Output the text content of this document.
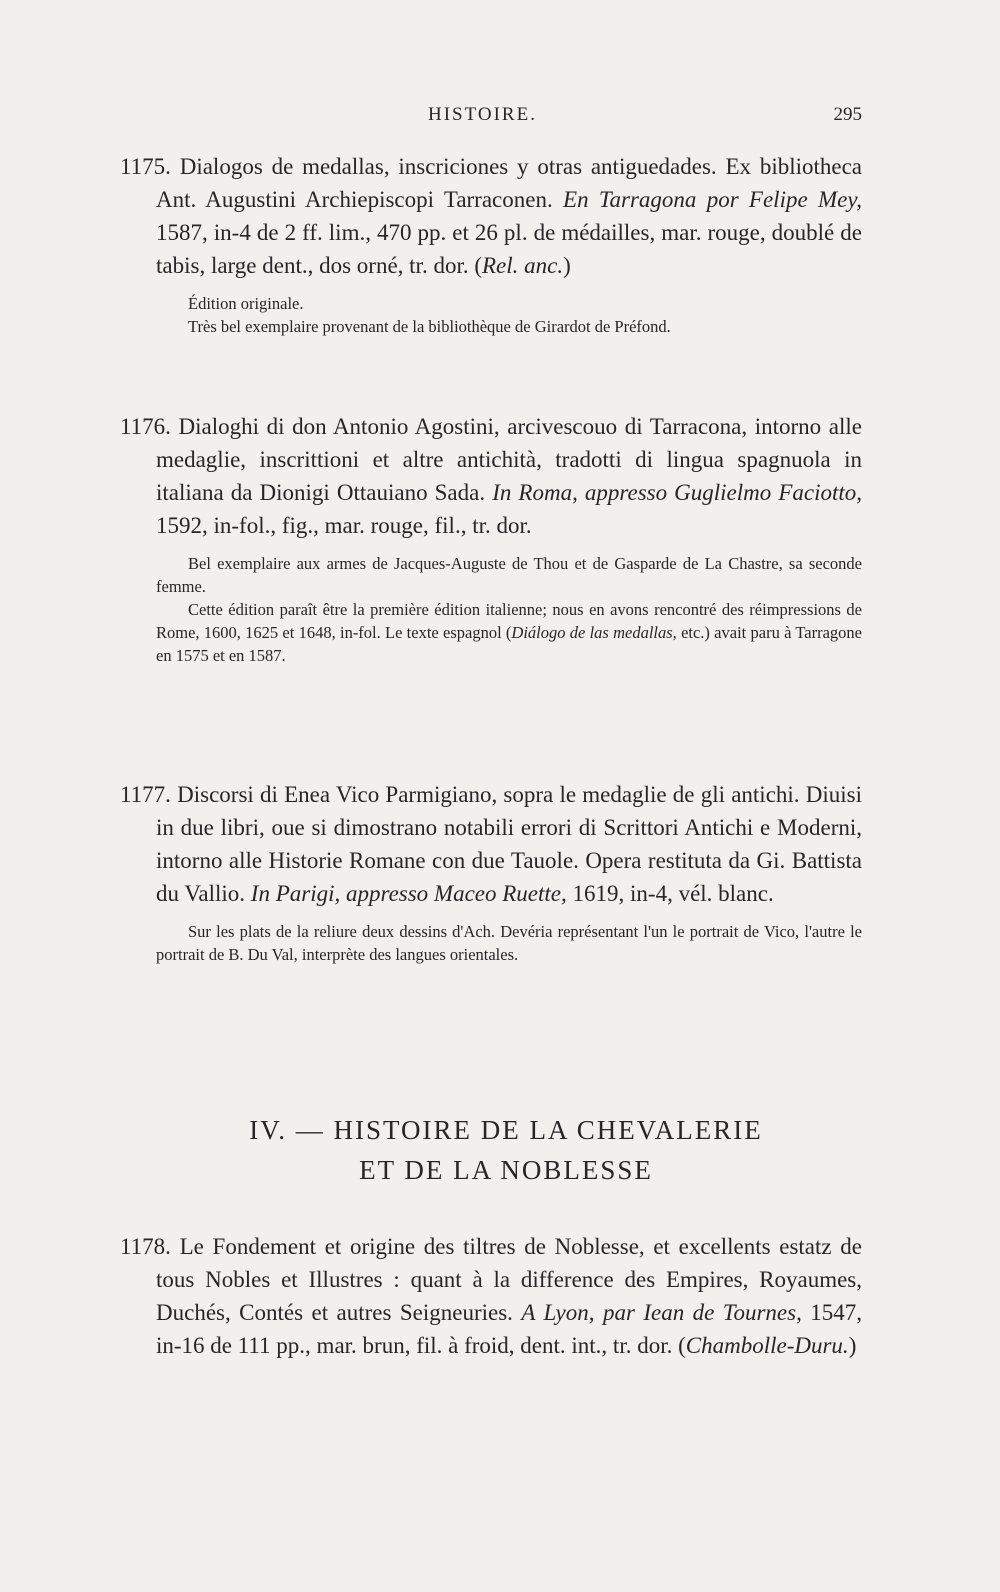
HISTOIRE.	295

1175. Dialogos de medallas, inscriciones y otras antiguedades. Ex bibliotheca Ant. Augustini Archiepiscopi Tarraconen. En Tarragona por Felipe Mey, 1587, in-4 de 2 ff. lim., 470 pp. et 26 pl. de médailles, mar. rouge, doublé de tabis, large dent., dos orné, tr. dor. (Rel. anc.)

Édition originale.

Très bel exemplaire provenant de la bibliothèque de Girardot de Préfond.

1176. Dialoghi di don Antonio Agostini, arcivescouo di Tarracona, intorno alle medaglie, inscrittioni et altre antichità, tradotti di lingua spagnuola in italiana da Dionigi Ottauiano Sada. In Roma, appresso Guglielmo Faciotto, 1592, in-fol., fig., mar. rouge, fil., tr. dor.

Bel exemplaire aux armes de Jacques-Auguste de Thou et de Gasparde de La Chastre, sa seconde femme.

Cette édition paraît être la première édition italienne; nous en avons rencontré des réimpressions de Rome, 1600, 1625 et 1648, in-fol. Le texte espagnol (Diálogo de las medallas, etc.) avait paru à Tarragone en 1575 et en 1587.

1177. Discorsi di Enea Vico Parmigiano, sopra le medaglie de gli antichi. Diuisi in due libri, oue si dimostrano notabili errori di Scrittori Antichi e Moderni, intorno alle Historie Romane con due Tauole. Opera restituta da Gi. Battista du Vallio. In Parigi, appresso Maceo Ruette, 1619, in-4, vél. blanc.

Sur les plats de la reliure deux dessins d'Ach. Devéria représentant l'un le portrait de Vico, l'autre le portrait de B. Du Val, interprète des langues orientales.

IV. — HISTOIRE DE LA CHEVALERIE
ET DE LA NOBLESSE

1178. Le Fondement et origine des tiltres de Noblesse, et excellents estatz de tous Nobles et Illustres : quant à la difference des Empires, Royaumes, Duchés, Contés et autres Seigneuries. A Lyon, par Iean de Tournes, 1547, in-16 de 111 pp., mar. brun, fil. à froid, dent. int., tr. dor. (Chambolle-Duru.)
